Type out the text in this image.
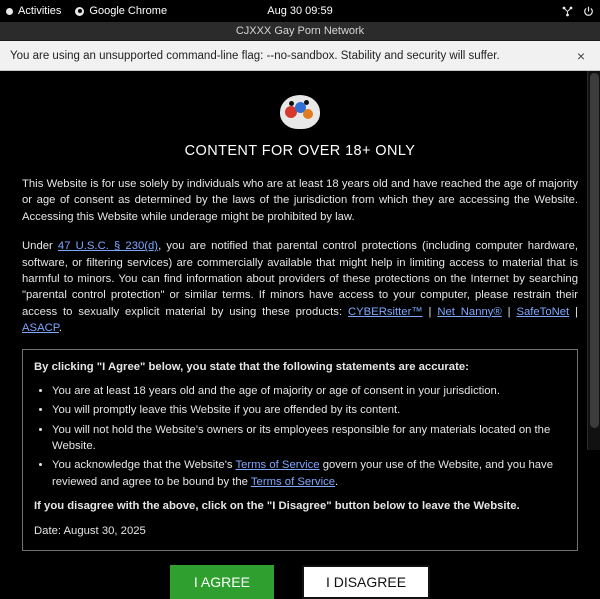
Activities	Google Chrome	Aug 30 09:59
CJXXX Gay Porn Network
You are using an unsupported command-line flag: --no-sandbox. Stability and security will suffer.	×
CONTENT FOR OVER 18+ ONLY

This Website is for use solely by individuals who are at least 18 years old and have reached the age of majority or age of consent as determined by the laws of the jurisdiction from which they are accessing the Website. Accessing this Website while underage might be prohibited by law.

Under 47 U.S.C. § 230(d), you are notified that parental control protections (including computer hardware, software, or filtering services) are commercially available that might help in limiting access to material that is harmful to minors. You can find information about providers of these protections on the Internet by searching "parental control protection" or similar terms. If minors have access to your computer, please restrain their access to sexually explicit material by using these products: CYBERsitter™ | Net Nanny® | SafeToNet | ASACP.

By clicking "I Agree" below, you state that the following statements are accurate:

• You are at least 18 years old and the age of majority or age of consent in your jurisdiction.
• You will promptly leave this Website if you are offended by its content.
• You will not hold the Website's owners or its employees responsible for any materials located on the Website.
• You acknowledge that the Website's Terms of Service govern your use of the Website, and you have reviewed and agree to be bound by the Terms of Service.

If you disagree with the above, click on the "I Disagree" button below to leave the Website.

Date: August 30, 2025

I AGREE	I DISAGREE
